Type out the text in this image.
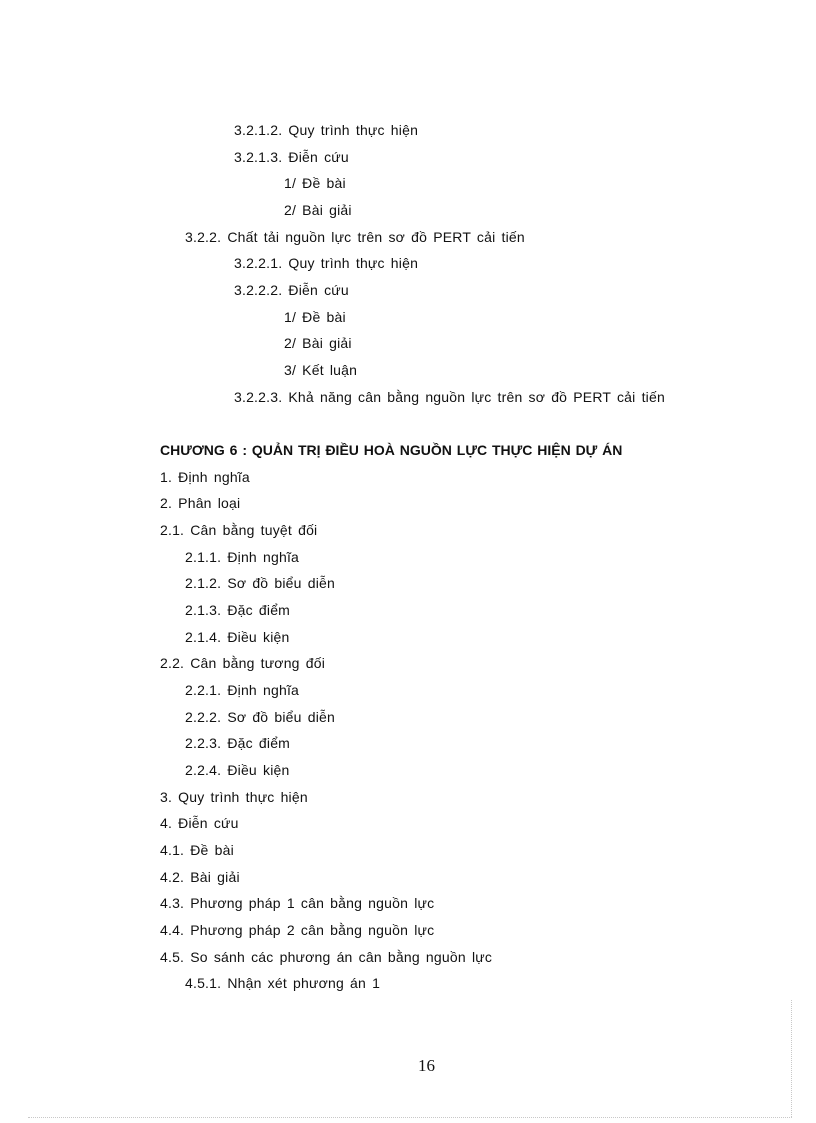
3.2.1.2. Quy trình thực hiện
3.2.1.3. Điễn cứu
1/ Đề bài
2/ Bài giải
3.2.2. Chất tải nguồn lực trên sơ đồ PERT cải tiến
3.2.2.1. Quy trình thực hiện
3.2.2.2. Điễn cứu
1/ Đề bài
2/ Bài giải
3/ Kết luận
3.2.2.3. Khả năng cân bằng nguồn lực trên sơ đồ PERT cải tiến
CHƯƠNG 6 : QUẢN TRỊ ĐIỀU HOÀ NGUỒN LỰC THỰC HIỆN DỰ ÁN
1. Định nghĩa
2. Phân loại
2.1. Cân bằng tuyệt đối
2.1.1. Định nghĩa
2.1.2. Sơ đồ biểu diễn
2.1.3. Đặc điểm
2.1.4. Điều kiện
2.2. Cân bằng tương đối
2.2.1. Định nghĩa
2.2.2. Sơ đồ biểu diễn
2.2.3. Đặc điểm
2.2.4. Điều kiện
3. Quy trình thực hiện
4. Điễn cứu
4.1. Đề bài
4.2. Bài giải
4.3. Phương pháp 1 cân bằng nguồn lực
4.4. Phương pháp 2 cân bằng nguồn lực
4.5. So sánh các phương án cân bằng nguồn lực
4.5.1. Nhận xét phương án 1
16
